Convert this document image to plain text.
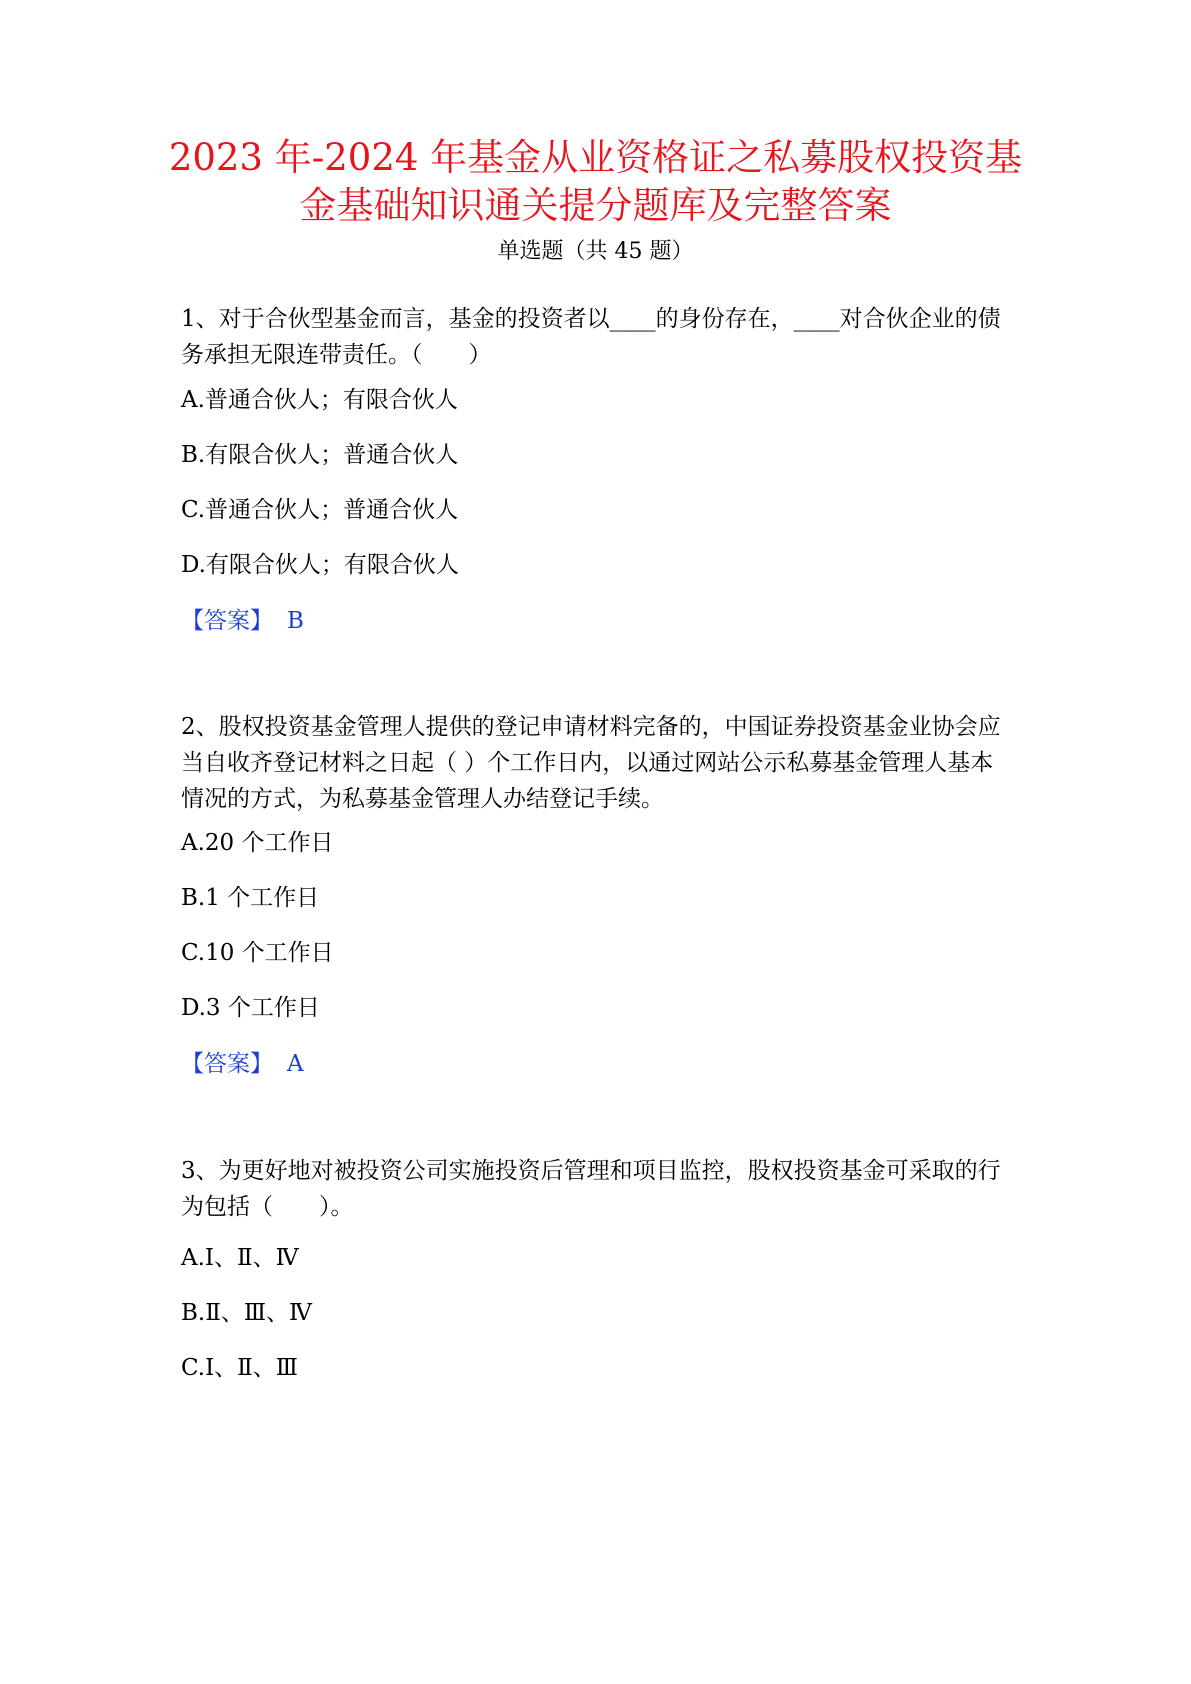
2023 年-2024 年基金从业资格证之私募股权投资基
金基础知识通关提分题库及完整答案
单选题（共 45 题）

1、对于合伙型基金而言，基金的投资者以____的身份存在，____对合伙企业的债务承担无限连带责任。（　　）

A.普通合伙人；有限合伙人
B.有限合伙人；普通合伙人
C.普通合伙人；普通合伙人
D.有限合伙人；有限合伙人
【答案】 B

2、股权投资基金管理人提供的登记申请材料完备的，中国证券投资基金业协会应当自收齐登记材料之日起（ ）个工作日内，以通过网站公示私募基金管理人基本情况的方式，为私募基金管理人办结登记手续。

A.20 个工作日
B.1 个工作日
C.10 个工作日
D.3 个工作日
【答案】 A

3、为更好地对被投资公司实施投资后管理和项目监控，股权投资基金可采取的行为包括（　　）。

A.Ⅰ、Ⅱ、Ⅳ
B.Ⅱ、Ⅲ、Ⅳ
C.Ⅰ、Ⅱ、Ⅲ
